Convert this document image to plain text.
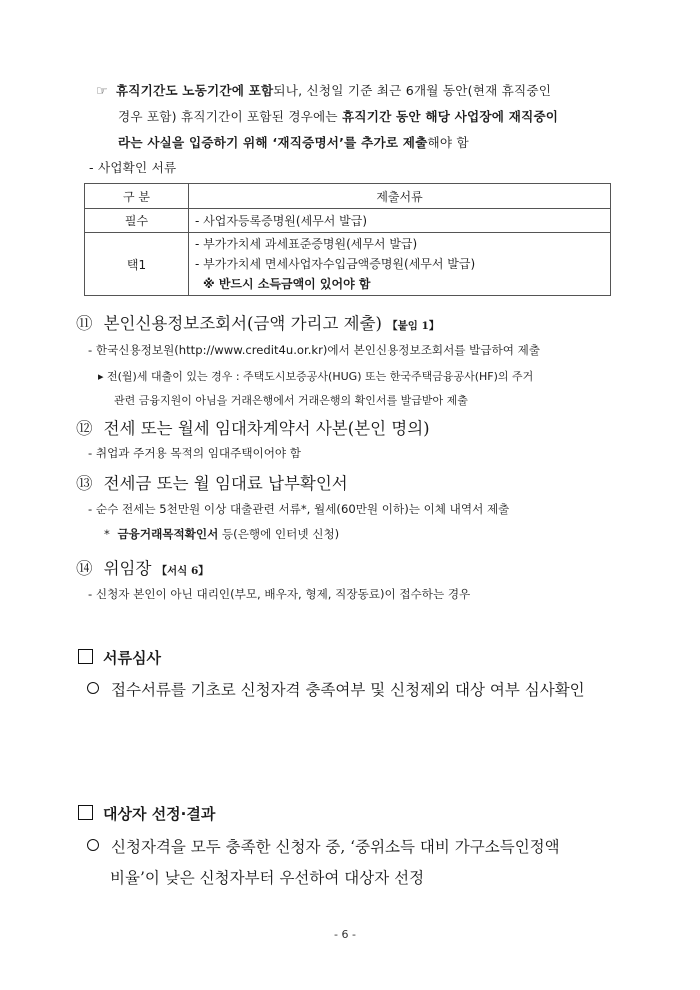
☞ 휴직기간도 노동기간에 포함되나, 신청일 기준 최근 6개월 동안(현재 휴직중인
경우 포함) 휴직기간이 포함된 경우에는 휴직기간 동안 해당 사업장에 재직중이
라는 사실을 입증하기 위해 ‘재직증명서’를 추가로 제출해야 함
- 사업확인 서류
구 분	제출서류
필수	- 사업자등록증명원(세무서 발급)
택1	- 부가가치세 과세표준증명원(세무서 발급)
- 부가가치세 면세사업자수입금액증명원(세무서 발급)
※ 반드시 소득금액이 있어야 함
⑪ 본인신용정보조회서(금액 가리고 제출) 【붙임 1】
- 한국신용정보원(http://www.credit4u.or.kr)에서 본인신용정보조회서를 발급하여 제출
▸ 전(월)세 대출이 있는 경우 : 주택도시보증공사(HUG) 또는 한국주택금융공사(HF)의 주거
관련 금융지원이 아님을 거래은행에서 거래은행의 확인서를 발급받아 제출
⑫ 전세 또는 월세 임대차계약서 사본(본인 명의)
- 취업과 주거용 목적의 임대주택이어야 함
⑬ 전세금 또는 월 임대료 납부확인서
- 순수 전세는 5천만원 이상 대출관련 서류*, 월세(60만원 이하)는 이체 내역서 제출
* 금융거래목적확인서 등(은행에 인터넷 신청)
⑭ 위임장 【서식 6】
- 신청자 본인이 아닌 대리인(부모, 배우자, 형제, 직장동료)이 접수하는 경우
서류심사
접수서류를 기초로 신청자격 충족여부 및 신청제외 대상 여부 심사확인
대상자 선정·결과
신청자격을 모두 충족한 신청자 중, ‘중위소득 대비 가구소득인정액
비율’이 낮은 신청자부터 우선하여 대상자 선정
- 6 -
